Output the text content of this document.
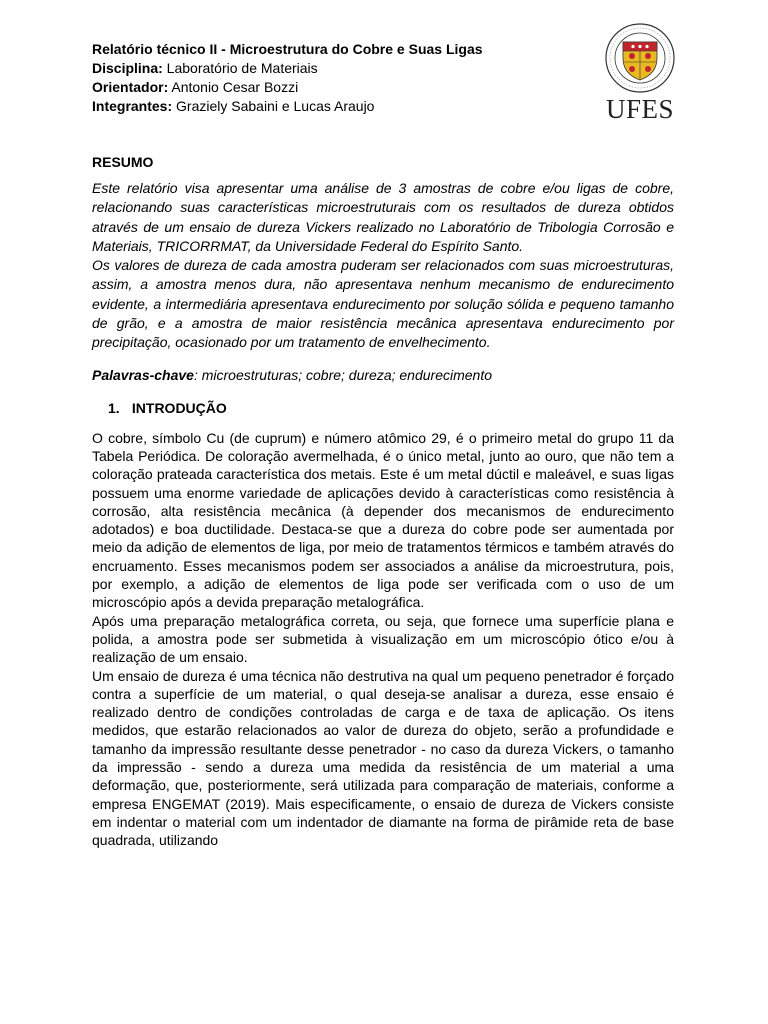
Relatório técnico II - Microestrutura do Cobre e Suas Ligas
Disciplina: Laboratório de Materiais
Orientador: Antonio Cesar Bozzi
Integrantes: Graziely Sabaini e Lucas Araujo	UFES
RESUMO

Este relatório visa apresentar uma análise de 3 amostras de cobre e/ou ligas de cobre, relacionando suas características microestruturais com os resultados de dureza obtidos através de um ensaio de dureza Vickers realizado no Laboratório de Tribologia Corrosão e Materiais, TRICORRMAT, da Universidade Federal do Espírito Santo.

Os valores de dureza de cada amostra puderam ser relacionados com suas microestruturas, assim, a amostra menos dura, não apresentava nenhum mecanismo de endurecimento evidente, a intermediária apresentava endurecimento por solução sólida e pequeno tamanho de grão, e a amostra de maior resistência mecânica apresentava endurecimento por precipitação, ocasionado por um tratamento de envelhecimento.

Palavras-chave: microestruturas; cobre; dureza; endurecimento
1. INTRODUÇÃO

O cobre, símbolo Cu (de cuprum) e número atômico 29, é o primeiro metal do grupo 11 da Tabela Periódica. De coloração avermelhada, é o único metal, junto ao ouro, que não tem a coloração prateada característica dos metais. Este é um metal dúctil e maleável, e suas ligas possuem uma enorme variedade de aplicações devido à características como resistência à corrosão, alta resistência mecânica (à depender dos mecanismos de endurecimento adotados) e boa ductilidade. Destaca-se que a dureza do cobre pode ser aumentada por meio da adição de elementos de liga, por meio de tratamentos térmicos e também através do encruamento. Esses mecanismos podem ser associados a análise da microestrutura, pois, por exemplo, a adição de elementos de liga pode ser verificada com o uso de um microscópio após a devida preparação metalográfica.

Após uma preparação metalográfica correta, ou seja, que fornece uma superfície plana e polida, a amostra pode ser submetida à visualização em um microscópio ótico e/ou à realização de um ensaio.

Um ensaio de dureza é uma técnica não destrutiva na qual um pequeno penetrador é forçado contra a superfície de um material, o qual deseja-se analisar a dureza, esse ensaio é realizado dentro de condições controladas de carga e de taxa de aplicação. Os itens medidos, que estarão relacionados ao valor de dureza do objeto, serão a profundidade e tamanho da impressão resultante desse penetrador - no caso da dureza Vickers, o tamanho da impressão - sendo a dureza uma medida da resistência de um material a uma deformação, que, posteriormente, será utilizada para comparação de materiais, conforme a empresa ENGEMAT (2019). Mais especificamente, o ensaio de dureza de Vickers consiste em indentar o material com um indentador de diamante na forma de pirâmide reta de base quadrada, utilizando
